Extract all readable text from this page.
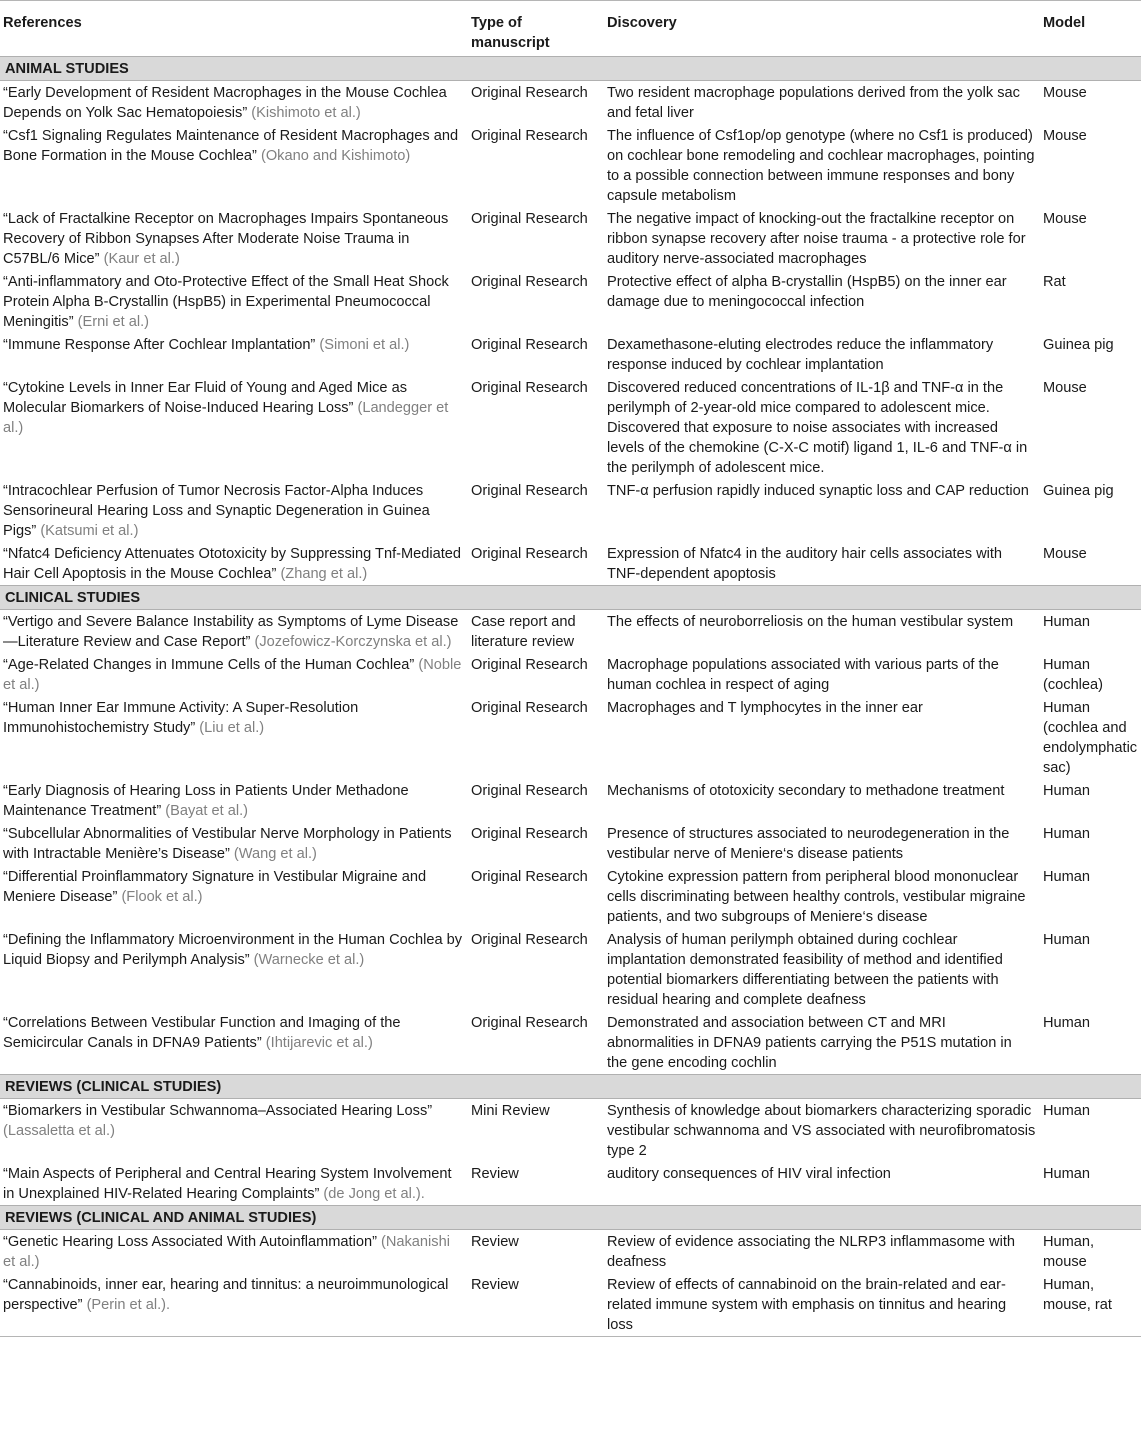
References	Type of manuscript	Discovery	Model
ANIMAL STUDIES			
“Early Development of Resident Macrophages in the Mouse Cochlea Depends on Yolk Sac Hematopoiesis” (Kishimoto et al.)	Original Research	Two resident macrophage populations derived from the yolk sac and fetal liver	Mouse
“Csf1 Signaling Regulates Maintenance of Resident Macrophages and Bone Formation in the Mouse Cochlea” (Okano and Kishimoto)	Original Research	The influence of Csf1op/op genotype (where no Csf1 is produced) on cochlear bone remodeling and cochlear macrophages, pointing to a possible connection between immune responses and bony capsule metabolism	Mouse
“Lack of Fractalkine Receptor on Macrophages Impairs Spontaneous Recovery of Ribbon Synapses After Moderate Noise Trauma in C57BL/6 Mice” (Kaur et al.)	Original Research	The negative impact of knocking-out the fractalkine receptor on ribbon synapse recovery after noise trauma - a protective role for auditory nerve-associated macrophages	Mouse
“Anti-inflammatory and Oto-Protective Effect of the Small Heat Shock Protein Alpha B-Crystallin (HspB5) in Experimental Pneumococcal Meningitis” (Erni et al.)	Original Research	Protective effect of alpha B-crystallin (HspB5) on the inner ear damage due to meningococcal infection	Rat
“Immune Response After Cochlear Implantation” (Simoni et al.)	Original Research	Dexamethasone-eluting electrodes reduce the inflammatory response induced by cochlear implantation	Guinea pig
“Cytokine Levels in Inner Ear Fluid of Young and Aged Mice as Molecular Biomarkers of Noise-Induced Hearing Loss” (Landegger et al.)	Original Research	Discovered reduced concentrations of IL-1β and TNF-α in the perilymph of 2-year-old mice compared to adolescent mice. Discovered that exposure to noise associates with increased levels of the chemokine (C-X-C motif) ligand 1, IL-6 and TNF-α in the perilymph of adolescent mice.	Mouse
“Intracochlear Perfusion of Tumor Necrosis Factor-Alpha Induces Sensorineural Hearing Loss and Synaptic Degeneration in Guinea Pigs” (Katsumi et al.)	Original Research	TNF-α perfusion rapidly induced synaptic loss and CAP reduction	Guinea pig
“Nfatc4 Deficiency Attenuates Ototoxicity by Suppressing Tnf-Mediated Hair Cell Apoptosis in the Mouse Cochlea” (Zhang et al.)	Original Research	Expression of Nfatc4 in the auditory hair cells associates with TNF-dependent apoptosis	Mouse
CLINICAL STUDIES			
“Vertigo and Severe Balance Instability as Symptoms of Lyme Disease—Literature Review and Case Report” (Jozefowicz-Korczynska et al.)	Case report and literature review	The effects of neuroborreliosis on the human vestibular system	Human
“Age-Related Changes in Immune Cells of the Human Cochlea” (Noble et al.)	Original Research	Macrophage populations associated with various parts of the human cochlea in respect of aging	Human (cochlea)
“Human Inner Ear Immune Activity: A Super-Resolution Immunohistochemistry Study” (Liu et al.)	Original Research	Macrophages and T lymphocytes in the inner ear	Human (cochlea and endolymphatic sac)
“Early Diagnosis of Hearing Loss in Patients Under Methadone Maintenance Treatment” (Bayat et al.)	Original Research	Mechanisms of ototoxicity secondary to methadone treatment	Human
“Subcellular Abnormalities of Vestibular Nerve Morphology in Patients with Intractable Menière’s Disease” (Wang et al.)	Original Research	Presence of structures associated to neurodegeneration in the vestibular nerve of Meniere‘s disease patients	Human
“Differential Proinflammatory Signature in Vestibular Migraine and Meniere Disease” (Flook et al.)	Original Research	Cytokine expression pattern from peripheral blood mononuclear cells discriminating between healthy controls, vestibular migraine patients, and two subgroups of Meniere‘s disease	Human
“Defining the Inflammatory Microenvironment in the Human Cochlea by Liquid Biopsy and Perilymph Analysis” (Warnecke et al.)	Original Research	Analysis of human perilymph obtained during cochlear implantation demonstrated feasibility of method and identified potential biomarkers differentiating between the patients with residual hearing and complete deafness	Human
“Correlations Between Vestibular Function and Imaging of the Semicircular Canals in DFNA9 Patients” (Ihtijarevic et al.)	Original Research	Demonstrated and association between CT and MRI abnormalities in DFNA9 patients carrying the P51S mutation in the gene encoding cochlin	Human
REVIEWS (CLINICAL STUDIES)			
“Biomarkers in Vestibular Schwannoma–Associated Hearing Loss” (Lassaletta et al.)	Mini Review	Synthesis of knowledge about biomarkers characterizing sporadic vestibular schwannoma and VS associated with neurofibromatosis type 2	Human
“Main Aspects of Peripheral and Central Hearing System Involvement in Unexplained HIV-Related Hearing Complaints” (de Jong et al.).	Review	auditory consequences of HIV viral infection	Human
REVIEWS (CLINICAL AND ANIMAL STUDIES)			
“Genetic Hearing Loss Associated With Autoinflammation” (Nakanishi et al.)	Review	Review of evidence associating the NLRP3 inflammasome with deafness	Human, mouse
“Cannabinoids, inner ear, hearing and tinnitus: a neuroimmunological perspective” (Perin et al.).	Review	Review of effects of cannabinoid on the brain-related and ear-related immune system with emphasis on tinnitus and hearing loss	Human, mouse, rat
